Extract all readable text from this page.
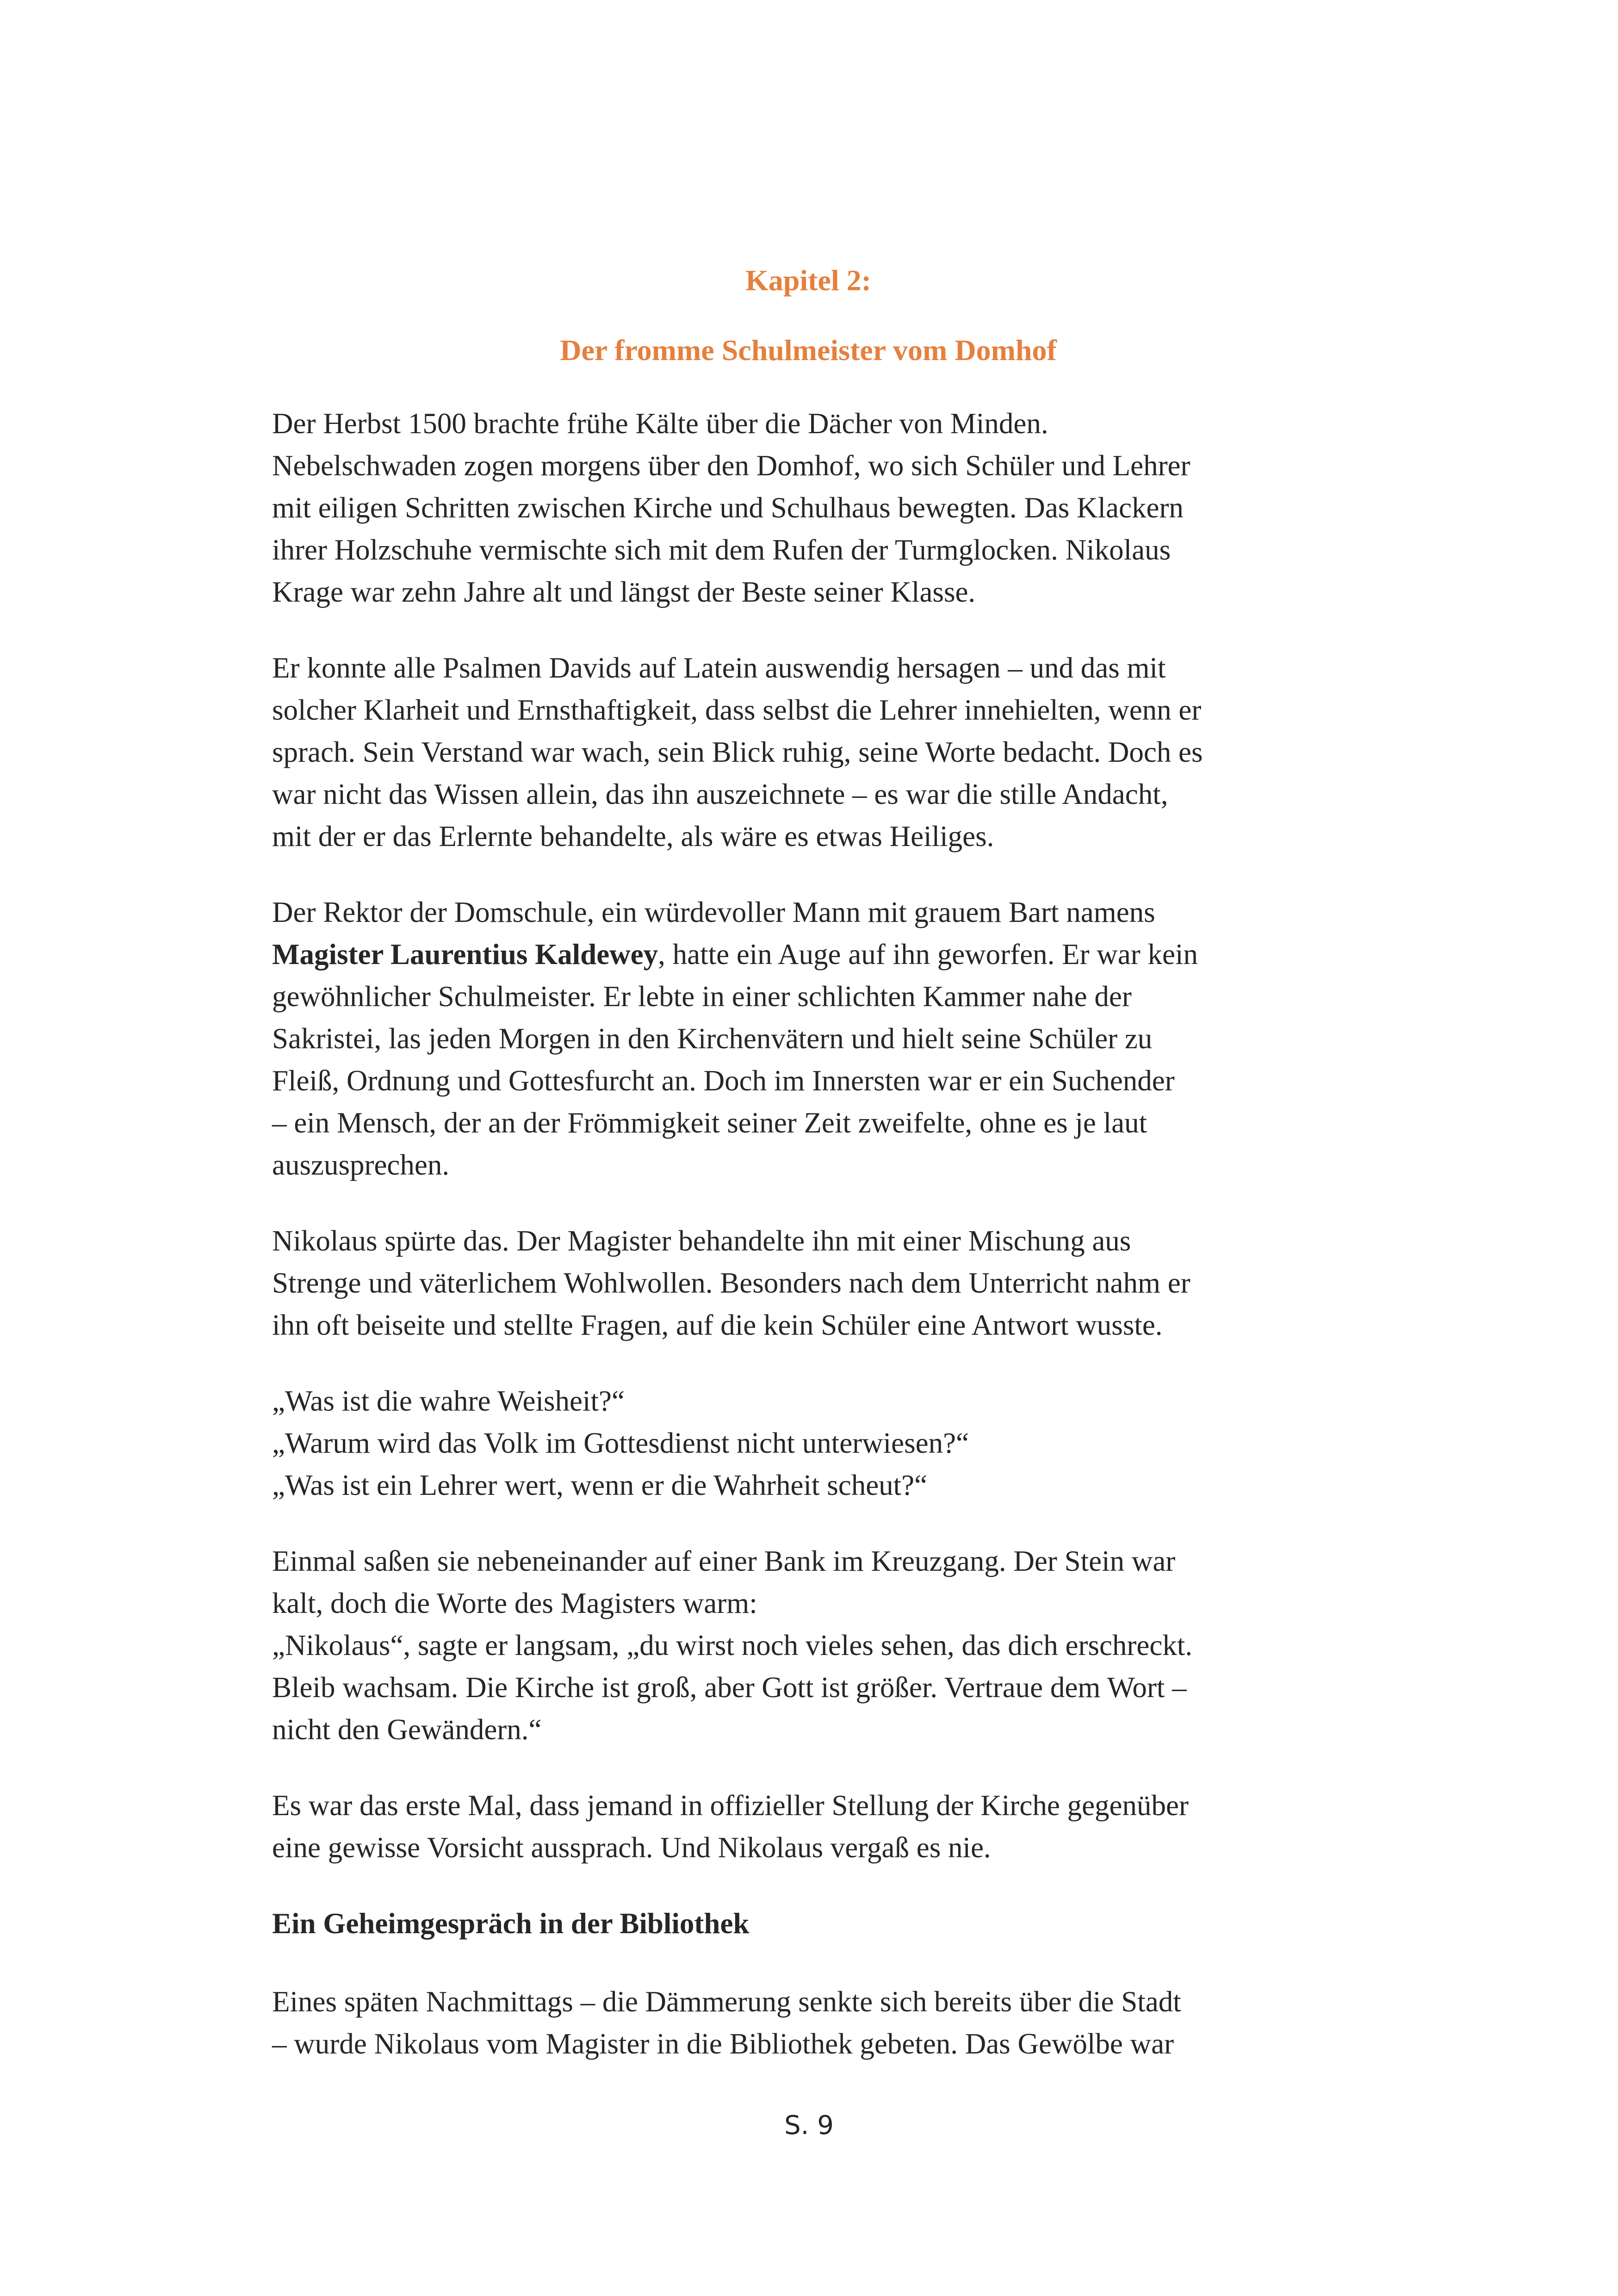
Kapitel 2:
Der fromme Schulmeister vom Domhof
Der Herbst 1500 brachte frühe Kälte über die Dächer von Minden.
Nebelschwaden zogen morgens über den Domhof, wo sich Schüler und Lehrer
mit eiligen Schritten zwischen Kirche und Schulhaus bewegten. Das Klackern
ihrer Holzschuhe vermischte sich mit dem Rufen der Turmglocken. Nikolaus
Krage war zehn Jahre alt und längst der Beste seiner Klasse.
Er konnte alle Psalmen Davids auf Latein auswendig hersagen – und das mit
solcher Klarheit und Ernsthaftigkeit, dass selbst die Lehrer innehielten, wenn er
sprach. Sein Verstand war wach, sein Blick ruhig, seine Worte bedacht. Doch es
war nicht das Wissen allein, das ihn auszeichnete – es war die stille Andacht,
mit der er das Erlernte behandelte, als wäre es etwas Heiliges.
Der Rektor der Domschule, ein würdevoller Mann mit grauem Bart namens
Magister Laurentius Kaldewey, hatte ein Auge auf ihn geworfen. Er war kein
gewöhnlicher Schulmeister. Er lebte in einer schlichten Kammer nahe der
Sakristei, las jeden Morgen in den Kirchenvätern und hielt seine Schüler zu
Fleiß, Ordnung und Gottesfurcht an. Doch im Innersten war er ein Suchender
– ein Mensch, der an der Frömmigkeit seiner Zeit zweifelte, ohne es je laut
auszusprechen.
Nikolaus spürte das. Der Magister behandelte ihn mit einer Mischung aus
Strenge und väterlichem Wohlwollen. Besonders nach dem Unterricht nahm er
ihn oft beiseite und stellte Fragen, auf die kein Schüler eine Antwort wusste.
„Was ist die wahre Weisheit?“
„Warum wird das Volk im Gottesdienst nicht unterwiesen?“
„Was ist ein Lehrer wert, wenn er die Wahrheit scheut?“
Einmal saßen sie nebeneinander auf einer Bank im Kreuzgang. Der Stein war
kalt, doch die Worte des Magisters warm:
„Nikolaus“, sagte er langsam, „du wirst noch vieles sehen, das dich erschreckt.
Bleib wachsam. Die Kirche ist groß, aber Gott ist größer. Vertraue dem Wort –
nicht den Gewändern.“
Es war das erste Mal, dass jemand in offizieller Stellung der Kirche gegenüber
eine gewisse Vorsicht aussprach. Und Nikolaus vergaß es nie.
Ein Geheimgespräch in der Bibliothek
Eines späten Nachmittags – die Dämmerung senkte sich bereits über die Stadt
– wurde Nikolaus vom Magister in die Bibliothek gebeten. Das Gewölbe war
S. 9
